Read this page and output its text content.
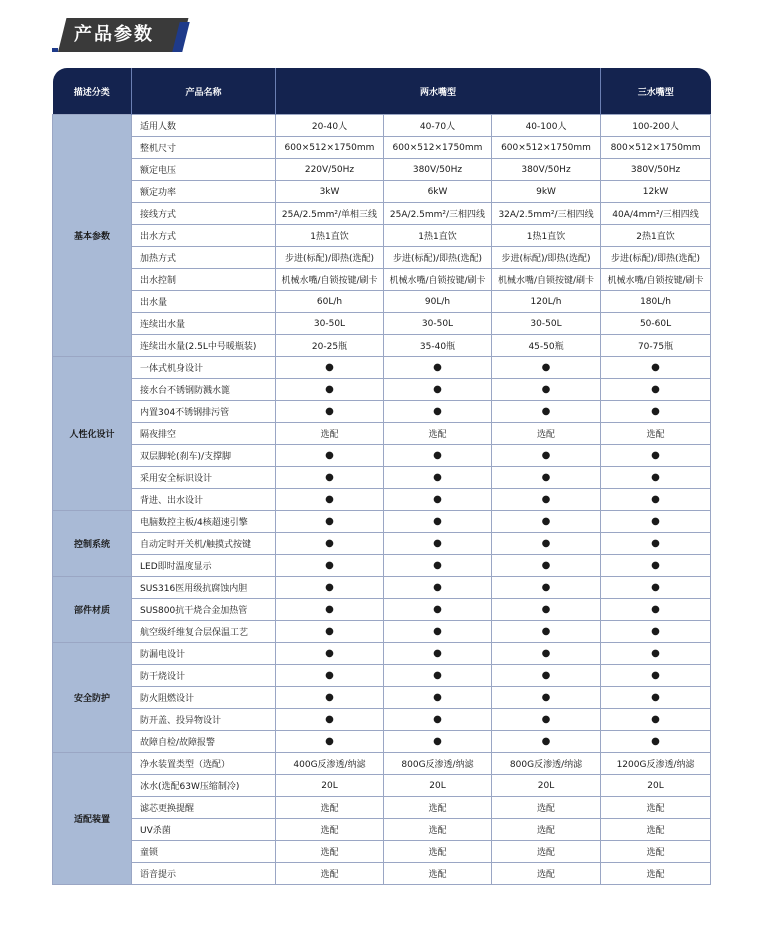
产品参数
描述分类	产品名称	两水嘴型			三水嘴型
基本参数	适用人数	20-40人	40-70人	40-100人	100-200人
	整机尺寸	600×512×1750mm	600×512×1750mm	600×512×1750mm	800×512×1750mm
	额定电压	220V/50Hz	380V/50Hz	380V/50Hz	380V/50Hz
	额定功率	3kW	6kW	9kW	12kW
	接线方式	25A/2.5mm²/单相三线	25A/2.5mm²/三相四线	32A/2.5mm²/三相四线	40A/4mm²/三相四线
	出水方式	1热1直饮	1热1直饮	1热1直饮	2热1直饮
	加热方式	步进(标配)/即热(选配)	步进(标配)/即热(选配)	步进(标配)/即热(选配)	步进(标配)/即热(选配)
	出水控制	机械水嘴/自锁按键/刷卡	机械水嘴/自锁按键/刷卡	机械水嘴/自锁按键/刷卡	机械水嘴/自锁按键/刷卡
	出水量	60L/h	90L/h	120L/h	180L/h
	连续出水量	30-50L	30-50L	30-50L	50-60L
	连续出水量(2.5L中号暖瓶装)	20-25瓶	35-40瓶	45-50瓶	70-75瓶
人性化设计	一体式机身设计	●	●	●	●
	接水台不锈钢防溅水篦	●	●	●	●
	内置304不锈钢排污管	●	●	●	●
	隔夜排空	选配	选配	选配	选配
	双层脚轮(刹车)/支撑脚	●	●	●	●
	采用安全标识设计	●	●	●	●
	背进、出水设计	●	●	●	●
控制系统	电脑数控主板/4核超速引擎	●	●	●	●
	自动定时开关机/触摸式按键	●	●	●	●
	LED即时温度显示	●	●	●	●
部件材质	SUS316医用级抗腐蚀内胆	●	●	●	●
	SUS800抗干烧合金加热管	●	●	●	●
	航空级纤维复合层保温工艺	●	●	●	●
安全防护	防漏电设计	●	●	●	●
	防干烧设计	●	●	●	●
	防火阻燃设计	●	●	●	●
	防开盖、投异物设计	●	●	●	●
	故障自检/故障报警	●	●	●	●
适配装置	净水装置类型（选配）	400G反渗透/纳滤	800G反渗透/纳滤	800G反渗透/纳滤	1200G反渗透/纳滤
	冰水(选配63W压缩制冷)	20L	20L	20L	20L
	滤芯更换提醒	选配	选配	选配	选配
	UV杀菌	选配	选配	选配	选配
	童锁	选配	选配	选配	选配
	语音提示	选配	选配	选配	选配
